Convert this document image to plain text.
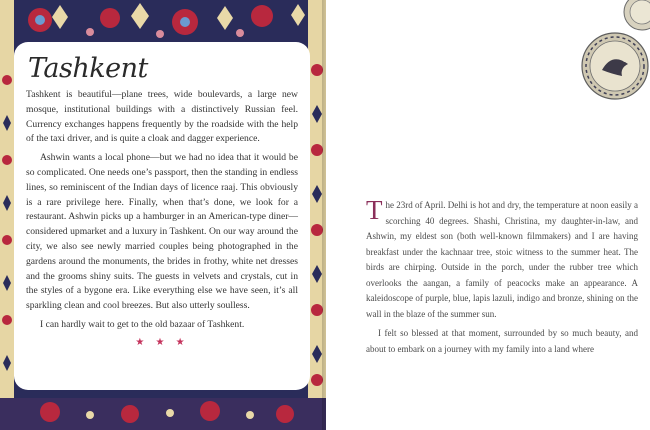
Tashkent

Tashkent is beautiful—plane trees, wide boulevards, a large new mosque, institutional buildings with a distinctively Russian feel. Currency exchanges happens frequently by the roadside with the help of the taxi driver, and is quite a cloak and dagger experience.

Ashwin wants a local phone—but we had no idea that it would be so complicated. One needs one’s passport, then the standing in endless lines, so reminiscent of the Indian days of licence raaj. This obviously is a rare privilege here. Finally, when that’s done, we look for a restaurant. Ashwin picks up a hamburger in an American-type diner—considered upmarket and a luxury in Tashkent. On our way around the city, we also see newly married couples being photographed in the gardens around the monuments, the brides in frothy, white net dresses and the grooms shiny suits. The guests in velvets and crystals, cut in the styles of a bygone era. Like everything else we have seen, it’s all sparkling clean and cool breezes. But also utterly soulless.

I can hardly wait to get to the old bazaar of Tashkent.

★ ★ ★

The 23rd of April. Delhi is hot and dry, the temperature at noon easily a scorching 40 degrees. Shashi, Christina, my daughter-in-law, and Ashwin, my eldest son (both well-known filmmakers) and I are having breakfast under the kachnaar tree, stoic witness to the summer heat. The birds are chirping. Outside in the porch, under the rubber tree which overlooks the aangan, a family of peacocks make an appearance. A kaleidoscope of purple, blue, lapis lazuli, indigo and bronze, shining on the wall in the blaze of the summer sun.

I felt so blessed at that moment, surrounded by so much beauty, and about to embark on a journey with my family into a land where
